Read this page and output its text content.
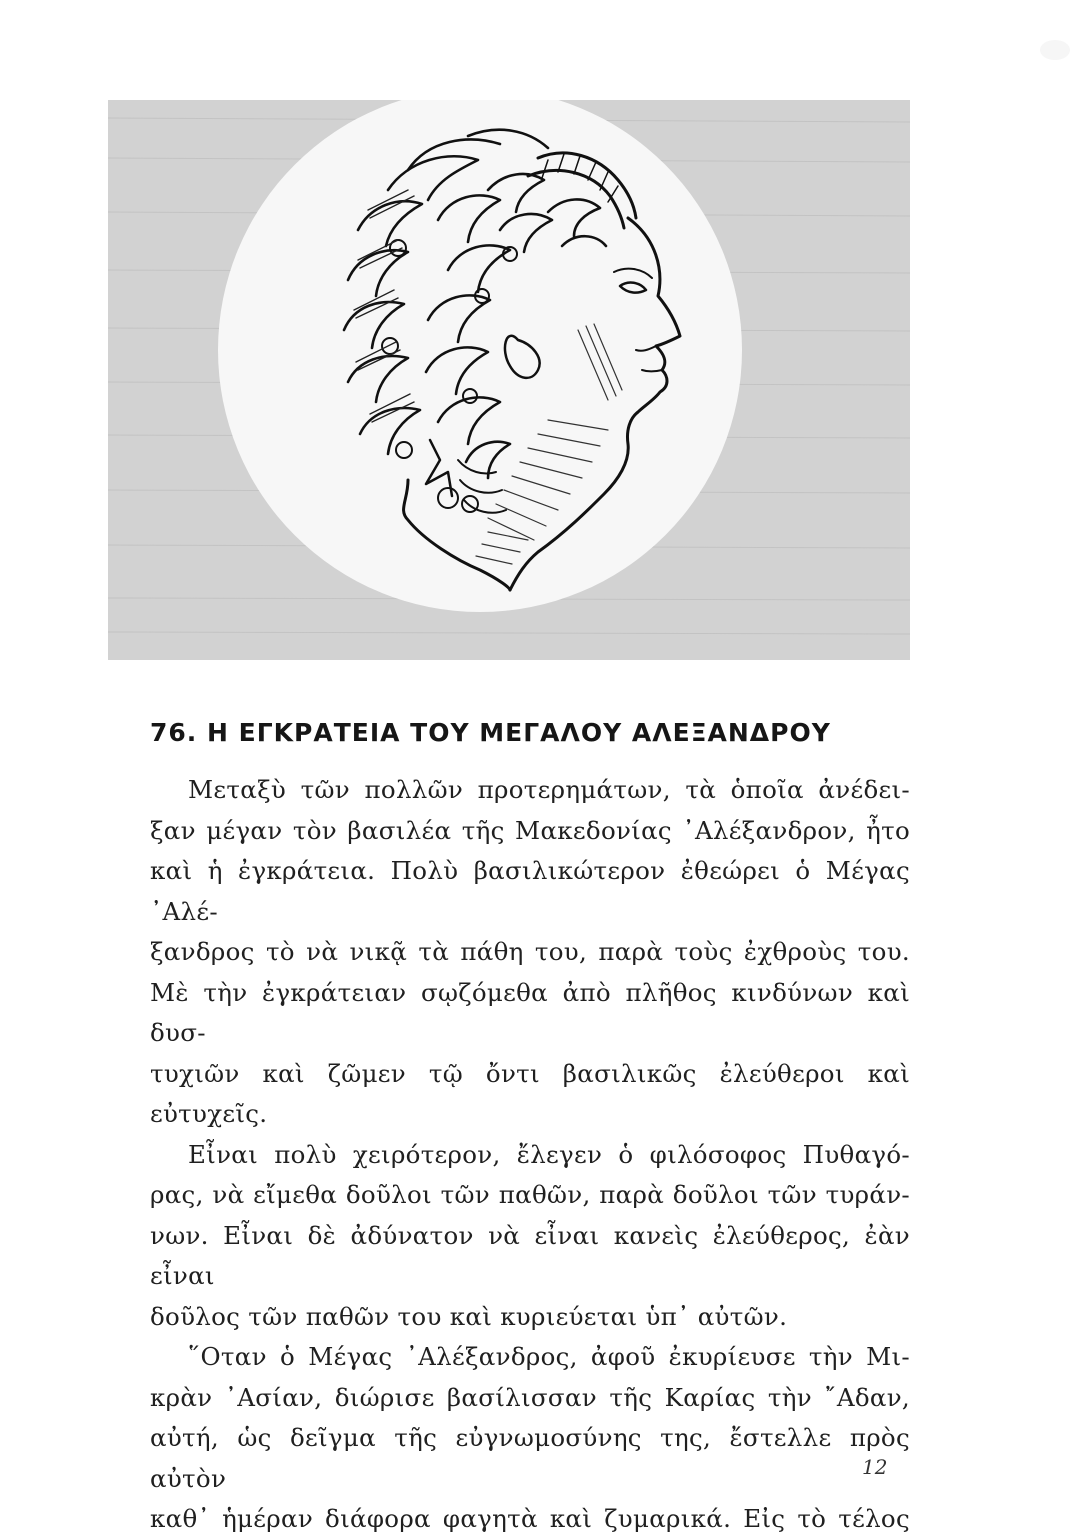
76. Η ΕΓΚΡΑΤΕΙΑ ΤΟΥ ΜΕΓΑΛΟΥ ΑΛΕΞΑΝΔΡΟΥ

Μεταξὺ τῶν πολλῶν προτερημάτων, τὰ ὁποῖα ἀνέδει-

ξαν μέγαν τὸν βασιλέα τῆς Μακεδονίας ᾿Αλέξανδρον, ἦτο

καὶ ἡ ἐγκράτεια. Πολὺ βασιλικώτερον ἐθεώρει ὁ Μέγας ᾿Αλέ-

ξανδρος τὸ νὰ νικᾷ τὰ πάθη του, παρὰ τοὺς ἐχθροὺς του.

Μὲ τὴν ἐγκράτειαν σῳζόμεθα ἀπὸ πλῆθος κινδύνων καὶ δυσ-

τυχιῶν καὶ ζῶμεν τῷ ὄντι βασιλικῶς ἐλεύθεροι καὶ εὐτυχεῖς.

Εἶναι πολὺ χειρότερον, ἔλεγεν ὁ φιλόσοφος Πυθαγό-

ρας, νὰ εἴμεθα δοῦλοι τῶν παθῶν, παρὰ δοῦλοι τῶν τυράν-

νων. Εἶναι δὲ ἀδύνατον νὰ εἶναι κανεὶς ἐλεύθερος, ἐὰν εἶναι

δοῦλος τῶν παθῶν του καὶ κυριεύεται ὑπ᾿ αὐτῶν.

῞Οταν ὁ Μέγας ᾿Αλέξανδρος, ἀφοῦ ἐκυρίευσε τὴν Μι-

κρὰν ᾿Ασίαν, διώρισε βασίλισσαν τῆς Καρίας τὴν ῎Αδαν,

αὐτή, ὡς δεῖγμα τῆς εὐγνωμοσύνης της, ἔστελλε πρὸς αὐτὸν

καθ᾿ ἡμέραν διάφορα φαγητὰ καὶ ζυμαρικά. Εἰς τὸ τέλος

12
